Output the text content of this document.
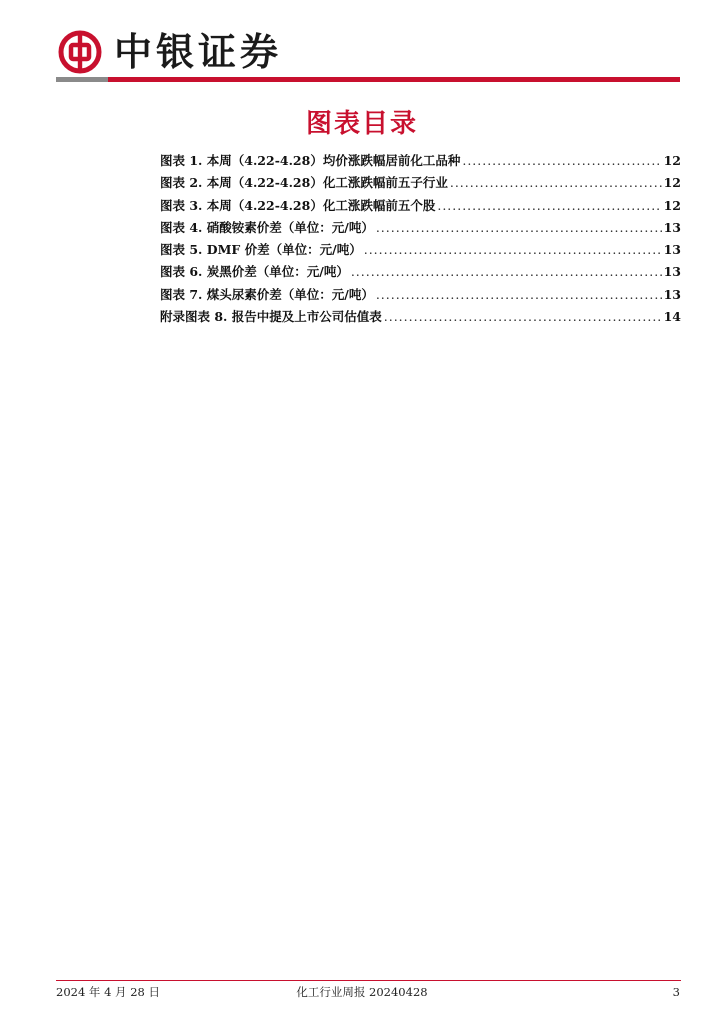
中银证券
图表目录
图表 1. 本周（4.22-4.28）均价涨跌幅居前化工品种 .....	12
图表 2. 本周（4.22-4.28）化工涨跌幅前五子行业 .....	12
图表 3. 本周（4.22-4.28）化工涨跌幅前五个股 .....	12
图表 4. 硝酸铵素价差（单位：元/吨） .....	13
图表 5. DMF 价差（单位：元/吨） .....	13
图表 6. 炭黑价差（单位：元/吨） .....	13
图表 7. 煤头尿素价差（单位：元/吨） .....	13
附录图表 8. 报告中提及上市公司估值表 .....	14
2024 年 4 月 28 日	化工行业周报 20240428	3
